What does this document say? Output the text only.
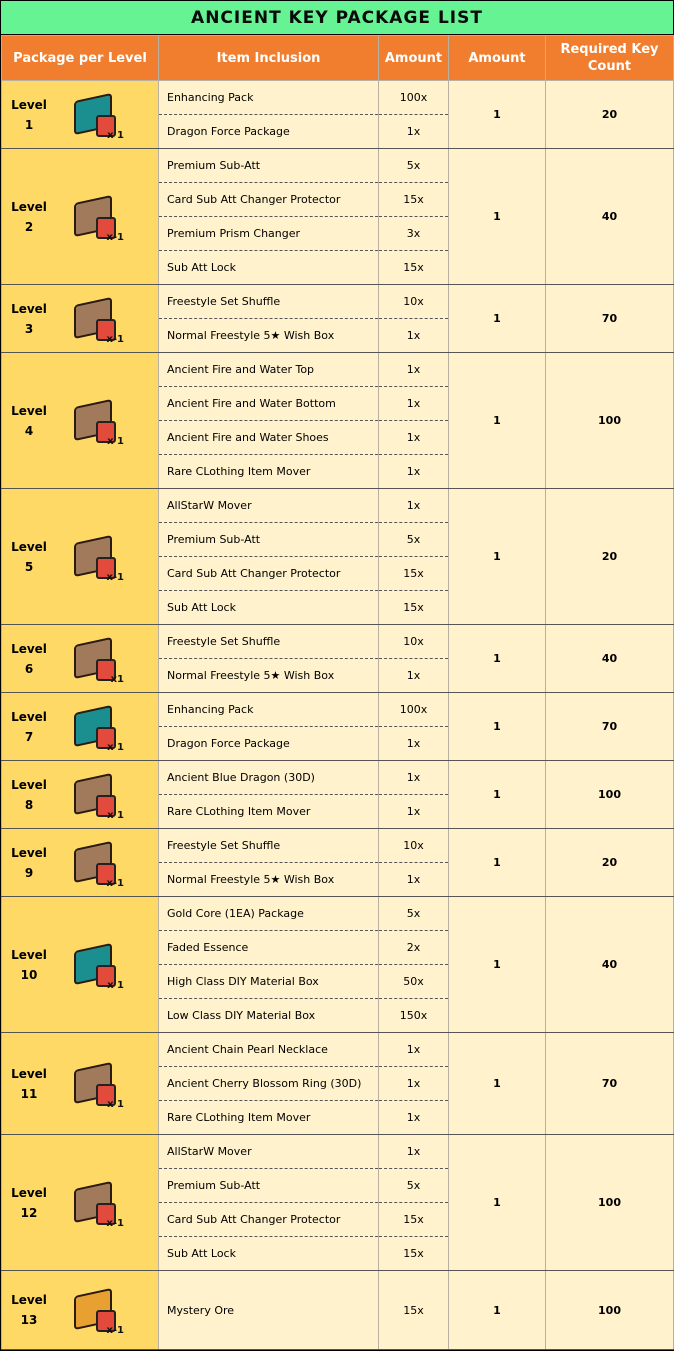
ANCIENT KEY PACKAGE LIST
Package per Level	Item Inclusion	Amount	Amount	Required Key Count

Level
1
x 1	Enhancing Pack	100x	1	20
	Dragon Force Package	1x		

Level
2
x-1	Premium Sub-Att	5x	1	40
	Card Sub Att Changer Protector	15x		
	Premium Prism Changer	3x		
	Sub Att Lock	15x		

Level
3
x-1	Freestyle Set Shuffle	10x	1	70
	Normal Freestyle 5★ Wish Box	1x		

Level
4
x 1	Ancient Fire and Water Top	1x	1	100
	Ancient Fire and Water Bottom	1x		
	Ancient Fire and Water Shoes	1x		
	Rare CLothing Item Mover	1x		

Level
5
x-1	AllStarW Mover	1x	1	20
	Premium Sub-Att	5x		
	Card Sub Att Changer Protector	15x		
	Sub Att Lock	15x		

Level
6
x1	Freestyle Set Shuffle	10x	1	40
	Normal Freestyle 5★ Wish Box	1x		

Level
7
x 1	Enhancing Pack	100x	1	70
	Dragon Force Package	1x		

Level
8
x 1	Ancient Blue Dragon (30D)	1x	1	100
	Rare CLothing Item Mover	1x		

Level
9
x-1	Freestyle Set Shuffle	10x	1	20
	Normal Freestyle 5★ Wish Box	1x		

Level
10
x 1	Gold Core (1EA) Package	5x	1	40
	Faded Essence	2x		
	High Class DIY Material Box	50x		
	Low Class DIY Material Box	150x		

Level
11
x 1	Ancient Chain Pearl Necklace	1x	1	70
	Ancient Cherry Blossom Ring (30D)	1x		
	Rare CLothing Item Mover	1x		

Level
12
x-1	AllStarW Mover	1x	1	100
	Premium Sub-Att	5x		
	Card Sub Att Changer Protector	15x		
	Sub Att Lock	15x		

Level
13
x-1	Mystery Ore	15x	1	100
